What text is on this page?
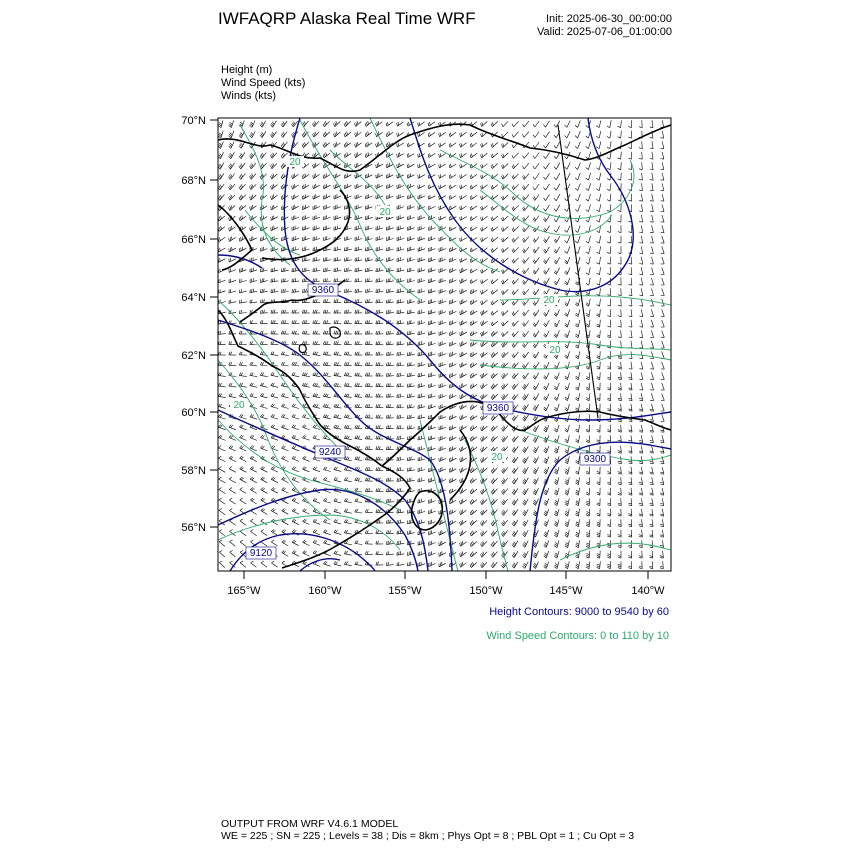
IWFAQRP Alaska Real Time WRF	Init: 2025-06-30_00:00:00
Valid: 2025-07-06_01:00:00
Height (m)
Wind Speed (kts)
Winds (kts)
9360
9360
9240
9300
9120
20
20
20
20
20
20
70°N
68°N
66°N
64°N
62°N
60°N
58°N
56°N
165°W	160°W	155°W	150°W	145°W	140°W
Height Contours: 9000 to 9540 by 60
Wind Speed Contours: 0 to 110 by 10
OUTPUT FROM WRF V4.6.1 MODEL
WE = 225 ; SN = 225 ; Levels = 38 ; Dis = 8km ; Phys Opt = 8 ; PBL Opt = 1 ; Cu Opt = 3
